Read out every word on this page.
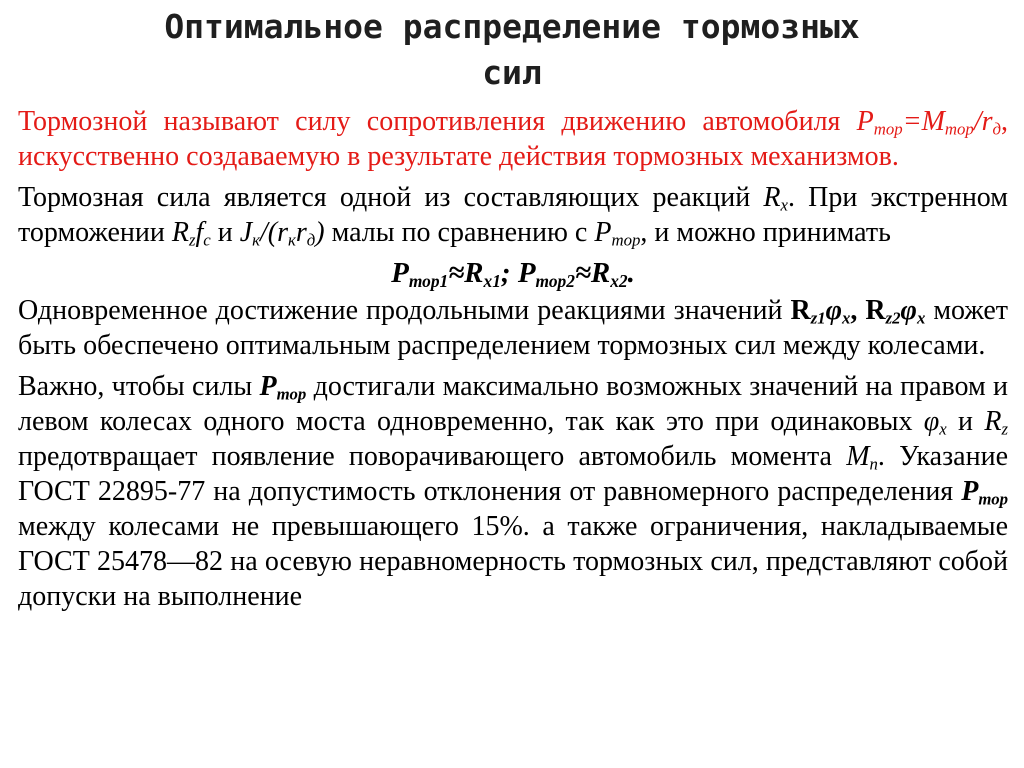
Оптимальное распределение тормозных
сил

Тормозной называют силу сопротивления движению автомобиля $P_{тор}=M_{тор}/r_д$, искусственно создаваемую в результате действия тормозных механизмов.

Тормозная сила является одной из составляющих реакций $R_x$. При экстренном торможении $R_zf_c$ и $J_к/(r_кr_д)$ малы по сравнению с $P_{тор}$, и можно принимать

$P_{тор1}\approx R_{x1}$; $P_{тор2}\approx R_{x2}$.

Одновременное достижение продольными реакциями значений $R_{z1}\varphi_x$, $R_{z2}\varphi_x$ может быть обеспечено оптимальным распределением тормозных сил между колесами.

Важно, чтобы силы $P_{тор}$ достигали максимально возможных значений на правом и левом колесах одного моста одновременно, так как это при одинаковых $\varphi_x$ и $R_z$ предотвращает появление поворачивающего автомобиль момента $M_п$. Указание ГОСТ 22895-77 на допустимость отклонения от равномерного распределения $P_{тор}$ между колесами не превышающего 15%. а также ограничения, накладываемые ГОСТ 25478—82 на осевую неравномерность тормозных сил, представляют собой допуски на выполнение
